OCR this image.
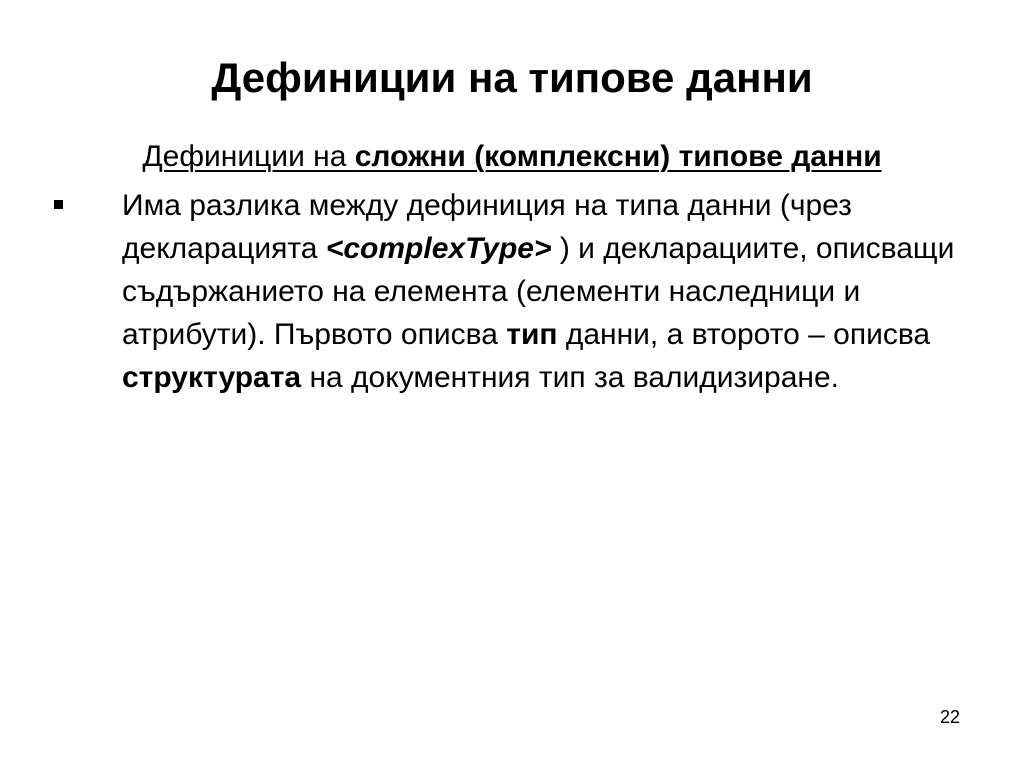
Дефиниции на типове данни
Дефиниции на сложни (комплексни) типове данни
Има разлика между дефиниция на типа данни (чрез декларацията <complexType> ) и декларациите, описващи съдържанието на елемента (елементи наследници и атрибути). Първото описва тип данни, а второто – описва структурата на документния тип за валидизиране.
22
